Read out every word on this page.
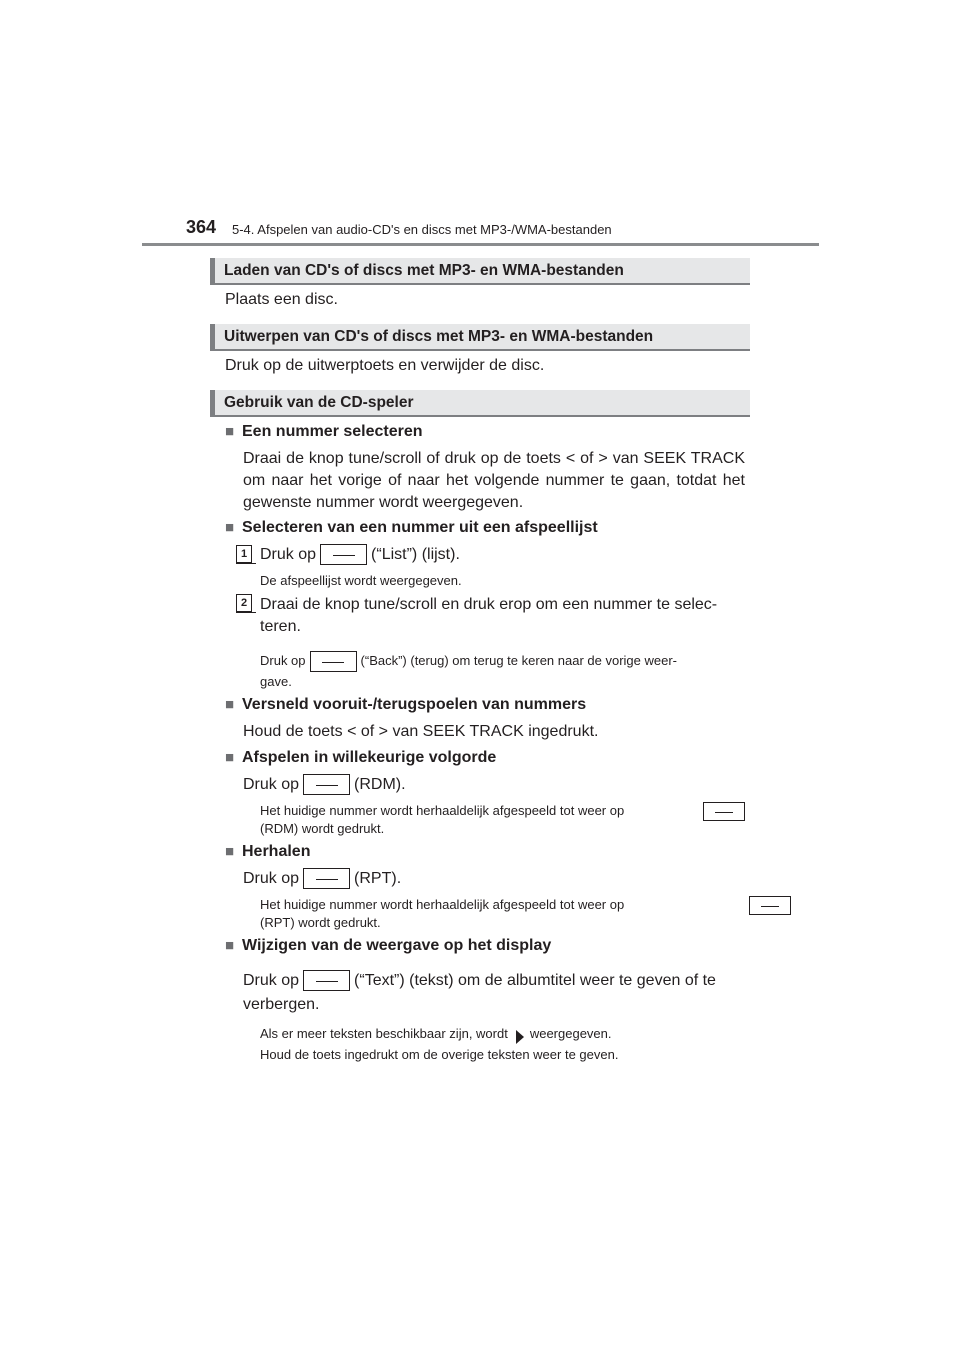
364 5-4. Afspelen van audio-CD's en discs met MP3-/WMA-bestanden
Laden van CD's of discs met MP3- en WMA-bestanden
Plaats een disc.
Uitwerpen van CD's of discs met MP3- en WMA-bestanden
Druk op de uitwerptoets en verwijder de disc.
Gebruik van de CD-speler
■ Een nummer selecteren
Draai de knop tune/scroll of druk op de toets < of > van SEEK TRACK om naar het vorige of naar het volgende nummer te gaan, totdat het gewenste nummer wordt weergegeven.
■ Selecteren van een nummer uit een afspeellijst
1 Druk op	(“List”) (lijst).
De afspeellijst wordt weergegeven.
2 Draai de knop tune/scroll en druk erop om een nummer te selec-
teren.
Druk op	(“Back”) (terug) om terug te keren naar de vorige weer-
gave.
■ Versneld vooruit-/terugspoelen van nummers
Houd de toets < of > van SEEK TRACK ingedrukt.
■ Afspelen in willekeurige volgorde
Druk op	(RDM).
Het huidige nummer wordt herhaaldelijk afgespeeld tot weer op

(RDM) wordt gedrukt.
■ Herhalen
Druk op	(RPT).
Het huidige nummer wordt herhaaldelijk afgespeeld tot weer op
(RPT) wordt gedrukt.
■ Wijzigen van de weergave op het display
Druk op	(“Text”) (tekst) om de albumtitel weer te geven of te
verbergen.
Als er meer teksten beschikbaar zijn, wordt weergegeven.
Houd de toets ingedrukt om de overige teksten weer te geven.
